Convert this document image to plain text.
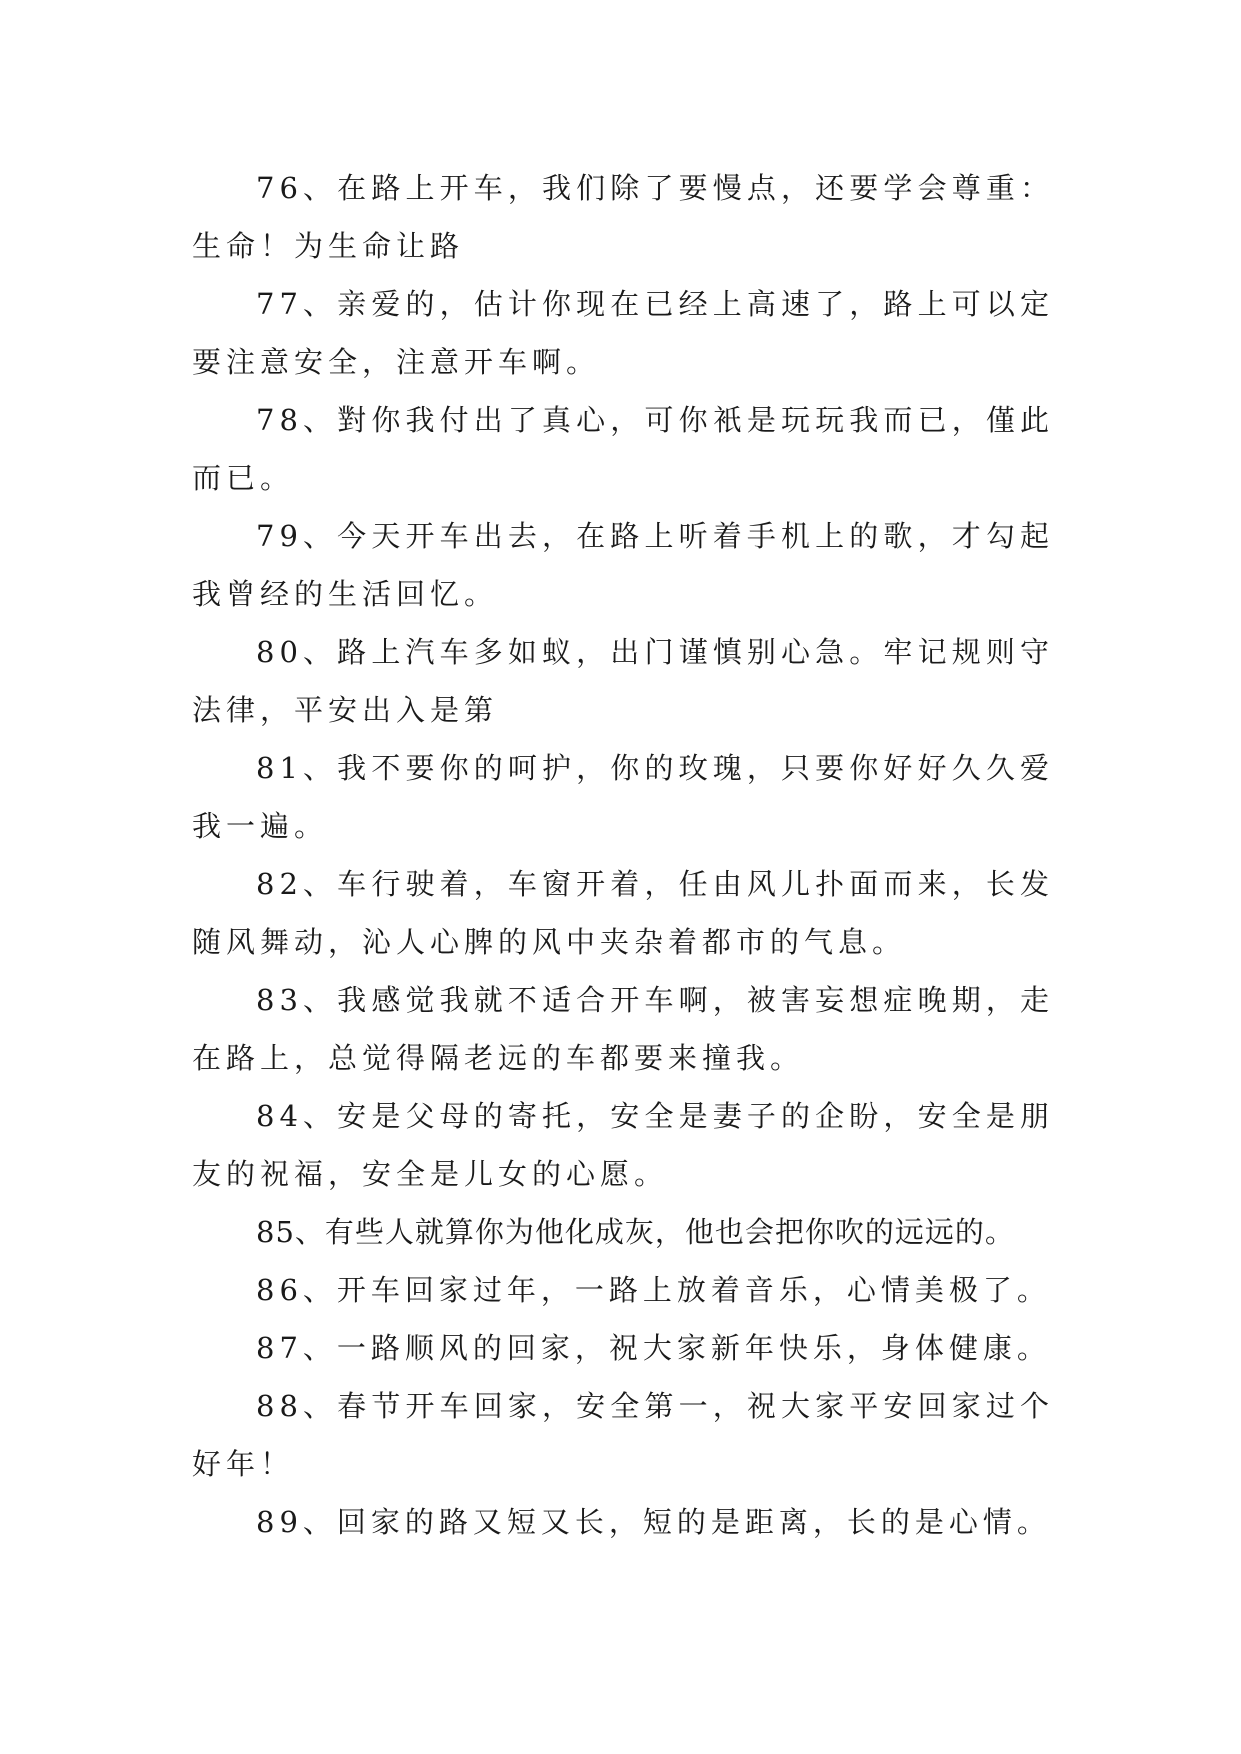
76、在路上开车，我们除了要慢点，还要学会尊重：生命！为生命让路

77、亲爱的，估计你现在已经上高速了，路上可以定要注意安全，注意开车啊。

78、對你我付出了真心，可你衹是玩玩我而已，僅此而已。

79、今天开车出去，在路上听着手机上的歌，才勾起我曾经的生活回忆。

80、路上汽车多如蚁，出门谨慎别心急。牢记规则守法律，平安出入是第

81、我不要你的呵护，你的玫瑰，只要你好好久久爱我一遍。

82、车行驶着，车窗开着，任由风儿扑面而来，长发随风舞动，沁人心脾的风中夹杂着都市的气息。

83、我感觉我就不适合开车啊，被害妄想症晚期，走在路上，总觉得隔老远的车都要来撞我。

84、安是父母的寄托，安全是妻子的企盼，安全是朋友的祝福，安全是儿女的心愿。

85、有些人就算你为他化成灰，他也会把你吹的远远的。

86、开车回家过年，一路上放着音乐，心情美极了。

87、一路顺风的回家，祝大家新年快乐，身体健康。

88、春节开车回家，安全第一，祝大家平安回家过个好年！

89、回家的路又短又长，短的是距离，长的是心情。
